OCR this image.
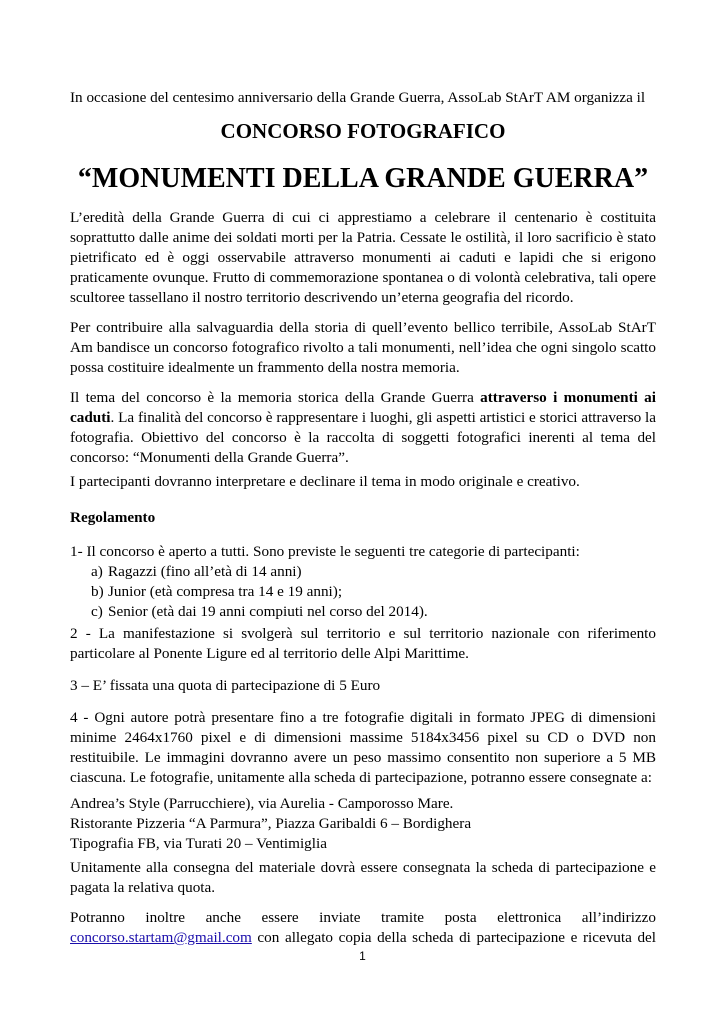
In occasione del centesimo anniversario della Grande Guerra, AssoLab StArT AM organizza il
CONCORSO FOTOGRAFICO
“MONUMENTI DELLA GRANDE GUERRA”

L’eredità della Grande Guerra di cui ci apprestiamo a celebrare il centenario è costituita soprattutto dalle anime dei soldati morti per la Patria. Cessate le ostilità, il loro sacrificio è stato pietrificato ed è oggi osservabile attraverso monumenti ai caduti e lapidi che si erigono praticamente ovunque. Frutto di commemorazione spontanea o di volontà celebrativa, tali opere scultoree tassellano il nostro territorio descrivendo un’eterna geografia del ricordo.

Per contribuire alla salvaguardia della storia di quell’evento bellico terribile, AssoLab StArT Am bandisce un concorso fotografico rivolto a tali monumenti, nell’idea che ogni singolo scatto possa costituire idealmente un frammento della nostra memoria.

Il tema del concorso è la memoria storica della Grande Guerra attraverso i monumenti ai caduti. La finalità del concorso è rappresentare i luoghi, gli aspetti artistici e storici attraverso la fotografia. Obiettivo del concorso è la raccolta di soggetti fotografici inerenti al tema del concorso: “Monumenti della Grande Guerra”.

I partecipanti dovranno interpretare e declinare il tema in modo originale e creativo.

Regolamento

1- Il concorso è aperto a tutti. Sono previste le seguenti tre categorie di partecipanti:

a) Ragazzi (fino all’età di 14 anni)
b) Junior (età compresa tra 14 e 19 anni);
c) Senior (età dai 19 anni compiuti nel corso del 2014).

2 - La manifestazione si svolgerà sul territorio e sul territorio nazionale con riferimento particolare al Ponente Ligure ed al territorio delle Alpi Marittime.

3 – E’ fissata una quota di partecipazione di 5 Euro

4 - Ogni autore potrà presentare fino a tre fotografie digitali in formato JPEG di dimensioni minime 2464x1760 pixel e di dimensioni massime 5184x3456 pixel su CD o DVD non restituibile. Le immagini dovranno avere un peso massimo consentito non superiore a 5 MB ciascuna. Le fotografie, unitamente alla scheda di partecipazione, potranno essere consegnate a:

Andrea’s Style (Parrucchiere), via Aurelia - Camporosso Mare.

Ristorante Pizzeria “A Parmura”, Piazza Garibaldi 6 – Bordighera

Tipografia FB, via Turati 20 – Ventimiglia

Unitamente alla consegna del materiale dovrà essere consegnata la scheda di partecipazione e pagata la relativa quota.

Potranno inoltre anche essere inviate tramite posta elettronica all’indirizzo

concorso.startam@gmail.com con allegato copia della scheda di partecipazione e ricevuta del

1
